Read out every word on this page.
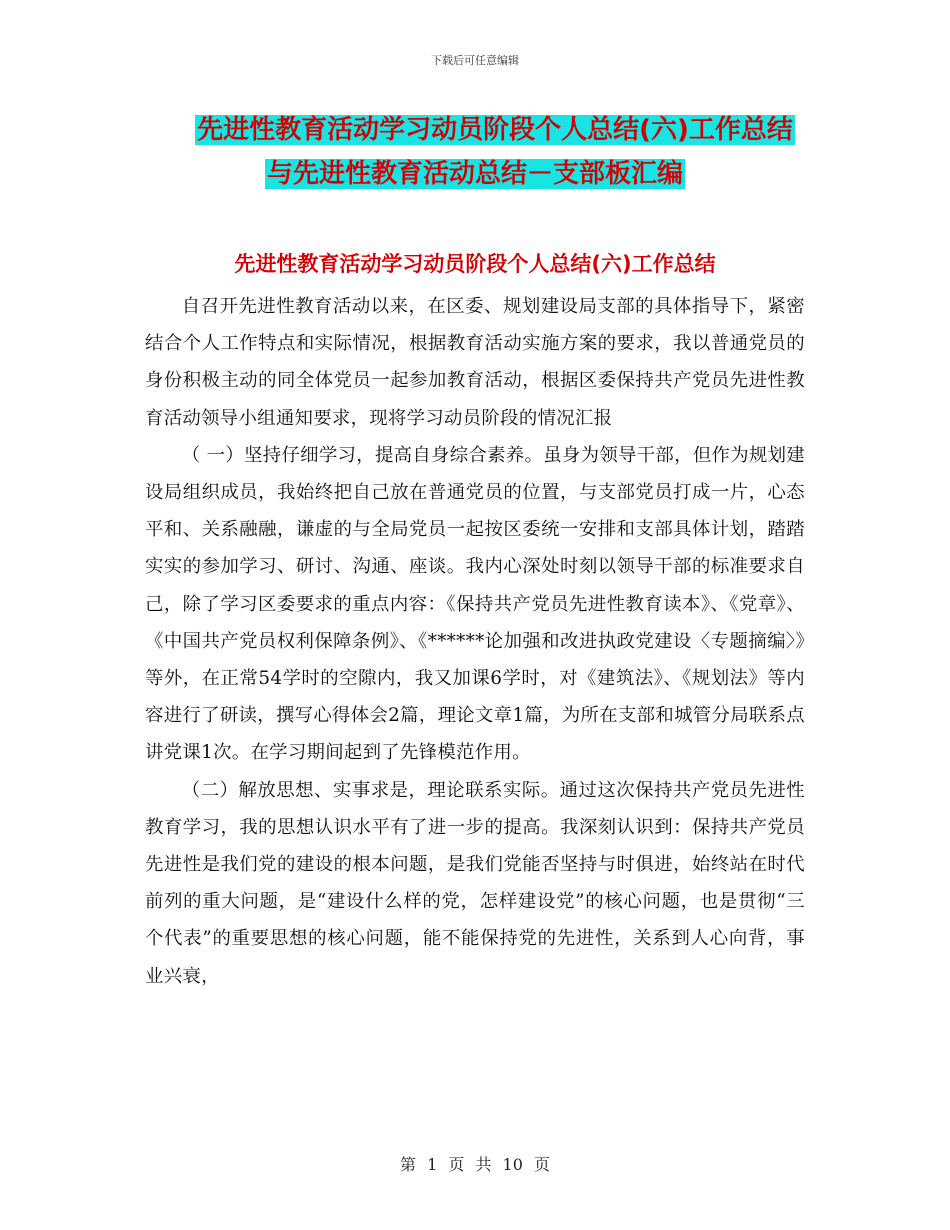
下载后可任意编辑
先进性教育活动学习动员阶段个人总结(六)工作总结
与先进性教育活动总结－支部板汇编
先进性教育活动学习动员阶段个人总结(六)工作总结

自召开先进性教育活动以来，在区委、规划建设局支部的具体指导下，紧密结合个人工作特点和实际情况，根据教育活动实施方案的要求，我以普通党员的身份积极主动的同全体党员一起参加教育活动，根据区委保持共产党员先进性教育活动领导小组通知要求，现将学习动员阶段的情况汇报

（ 一）坚持仔细学习，提高自身综合素养。虽身为领导干部，但作为规划建设局组织成员，我始终把自己放在普通党员的位置，与支部党员打成一片，心态平和、关系融融，谦虚的与全局党员一起按区委统一安排和支部具体计划，踏踏实实的参加学习、研讨、沟通、座谈。我内心深处时刻以领导干部的标准要求自己，除了学习区委要求的重点内容：《保持共产党员先进性教育读本》、《党章》、《中国共产党员权利保障条例》、《******论加强和改进执政党建设〈专题摘编〉》等外，在正常54学时的空隙内，我又加课6学时，对《建筑法》、《规划法》等内容进行了研读，撰写心得体会2篇，理论文章1篇，为所在支部和城管分局联系点讲党课1次。在学习期间起到了先锋模范作用。

（二）解放思想、实事求是，理论联系实际。通过这次保持共产党员先进性教育学习，我的思想认识水平有了进一步的提高。我深刻认识到：保持共产党员先进性是我们党的建设的根本问题，是我们党能否坚持与时俱进，始终站在时代前列的重大问题，是“建设什么样的党，怎样建设党”的核心问题，也是贯彻“三个代表”的重要思想的核心问题，能不能保持党的先进性，关系到人心向背，事业兴衰，

第 1 页 共 10 页
